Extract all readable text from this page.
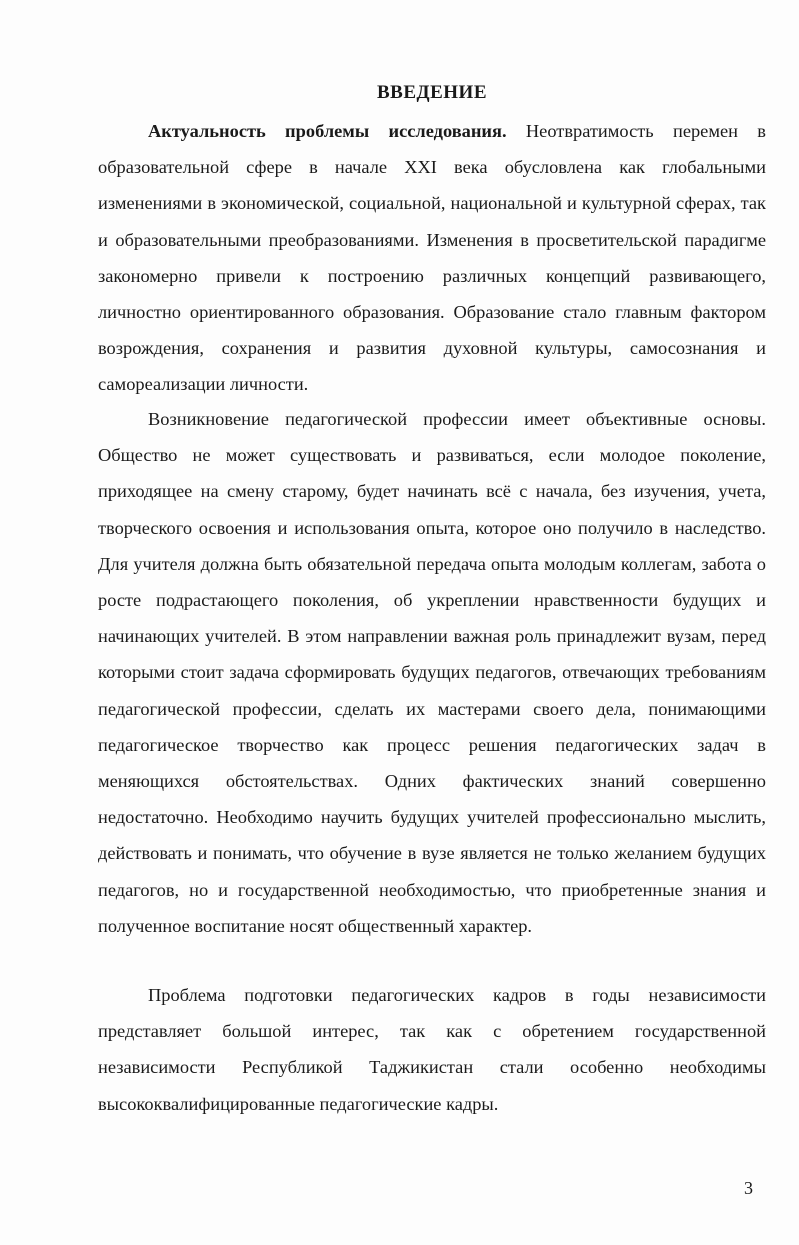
ВВЕДЕНИЕ

Актуальность проблемы исследования. Неотвратимость перемен в образовательной сфере в начале XXI века обусловлена как глобальными изменениями в экономической, социальной, национальной и культурной сферах, так и образовательными преобразованиями. Изменения в просветительской парадигме закономерно привели к построению различных концепций развивающего, личностно ориентированного образования. Образование стало главным фактором возрождения, сохранения и развития духовной культуры, самосознания и самореализации личности.

Возникновение педагогической профессии имеет объективные основы. Общество не может существовать и развиваться, если молодое поколение, приходящее на смену старому, будет начинать всё с начала, без изучения, учета, творческого освоения и использования опыта, которое оно получило в наследство. Для учителя должна быть обязательной передача опыта молодым коллегам, забота о росте подрастающего поколения, об укреплении нравственности будущих и начинающих учителей. В этом направлении важная роль принадлежит вузам, перед которыми стоит задача сформировать будущих педагогов, отвечающих требованиям педагогической профессии, сделать их мастерами своего дела, понимающими педагогическое творчество как процесс решения педагогических задач в меняющихся обстоятельствах. Одних фактических знаний совершенно недостаточно. Необходимо научить будущих учителей профессионально мыслить, действовать и понимать, что обучение в вузе является не только желанием будущих педагогов, но и государственной необходимостью, что приобретенные знания и полученное воспитание носят общественный характер.

Проблема подготовки педагогических кадров в годы независимости представляет большой интерес, так как с обретением государственной независимости Республикой Таджикистан стали особенно необходимы высококвалифицированные педагогические кадры.

3
